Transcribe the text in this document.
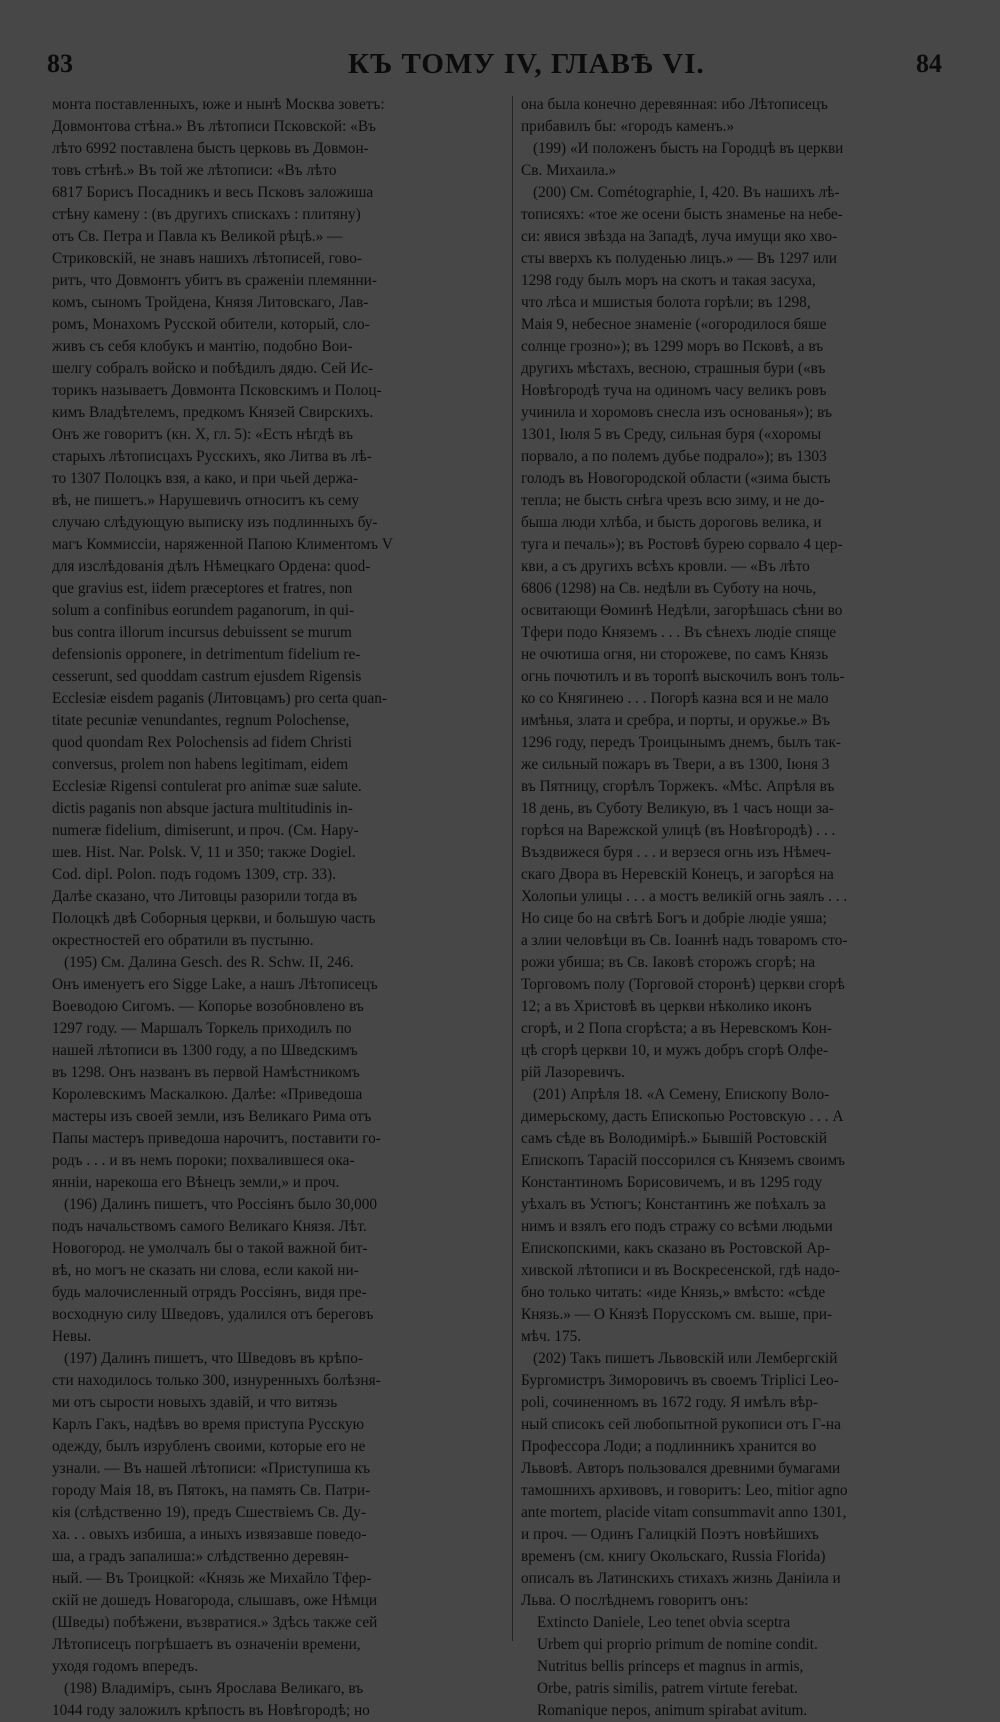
83	КЪ ТОМУ IV, ГЛАВѢ VI.	84
монта поставленныхъ, юже и нынѣ Москва зоветъ:
Довмонтова стѣна.» Въ лѣтописи Псковской: «Въ
лѣто 6992 поставлена бысть церковь въ Довмон-
товъ стѣнѣ.» Въ той же лѣтописи: «Въ лѣто
6817 Борисъ Посадникъ и весь Псковъ заложиша
стѣну камену : (въ другихъ спискахъ : плитяну)
отъ Св. Петра и Павла къ Великой рѣцѣ.» —
Стриковскій, не знавъ нашихъ лѣтописей, гово-
ритъ, что Довмонтъ убитъ въ сраженіи племянни-
комъ, сыномъ Тройдена, Князя Литовскаго, Лав-
ромъ, Монахомъ Русской обители, который, сло-
живъ съ себя клобукъ и мантію, подобно Вои-
шелгу собралъ войско и побѣдилъ дядю. Сей Ис-
торикъ называетъ Довмонта Псковскимъ и Полоц-
кимъ Владѣтелемъ, предкомъ Князей Свирскихъ.
Онъ же говоритъ (кн. X, гл. 5): «Есть нѣгдѣ въ
старыхъ лѣтописцахъ Русскихъ, яко Литва въ лѣ-
то 1307 Полоцкъ взя, а како, и при чьей держа-
вѣ, не пишетъ.» Нарушевичъ относитъ къ сему
случаю слѣдующую выписку изъ подлинныхъ бу-
магъ Коммиссіи, наряженной Папою Климентомъ V
для изслѣдованія дѣлъ Нѣмецкаго Ордена: quod-
que gravius est, iidem præceptores et fratres, non
solum a confinibus eorundem paganorum, in qui-
bus contra illorum incursus debuissent se murum
defensionis opponere, in detrimentum fidelium re-
cesserunt, sed quoddam castrum ejusdem Rigensis
Ecclesiæ eisdem paganis (Литовцамъ) pro certa quan-
titate pecuniæ venundantes, regnum Polochense,
quod quondam Rex Polochensis ad fidem Christi
conversus, prolem non habens legitimam, eidem
Ecclesiæ Rigensi contulerat pro animæ suæ salute.
dictis paganis non absque jactura multitudinis in-
numeræ fidelium, dimiserunt, и проч. (См. Нару-
шев. Hist. Nar. Polsk. V, 11 и 350; также Dogiel.
Cod. dipl. Polon. подъ годомъ 1309, стр. 33).
Далѣе сказано, что Литовцы разорили тогда въ
Полоцкѣ двѣ Соборныя церкви, и большую часть
окрестностей его обратили въ пустыню.
(195) См. Далина Gesch. des R. Schw. II, 246.
Онъ именуетъ его Sigge Lake, а нашъ Лѣтописецъ
Воеводою Сигомъ. — Копорье возобновлено въ
1297 году. — Маршалъ Торкель приходилъ по
нашей лѣтописи въ 1300 году, а по Шведскимъ
въ 1298. Онъ названъ въ первой Намѣстникомъ
Королевскимъ Маскалкою. Далѣе: «Приведоша
мастеры изъ своей земли, изъ Великаго Рима отъ
Папы мастеръ приведоша нарочитъ, поставити го-
родъ . . . и въ немъ пороки; похвалившеся ока-
янніи, нарекоша его Вѣнецъ земли,» и проч.
(196) Далинъ пишетъ, что Россіянъ было 30,000
подъ начальствомъ самого Великаго Князя. Лѣт.
Новогород. не умолчалъ бы о такой важной бит-
вѣ, но могъ не сказать ни слова, если какой ни-
будь малочисленный отрядъ Россіянъ, видя пре-
восходную силу Шведовъ, удалился отъ береговъ
Невы.
(197) Далинъ пишетъ, что Шведовъ въ крѣпо-
сти находилось только 300, изнуренныхъ болѣзня-
ми отъ сырости новыхъ здавій, и что витязь
Карлъ Гакъ, надѣвъ во время приступа Русскую
одежду, былъ изрубленъ своими, которые его не
узнали. — Въ нашей лѣтописи: «Приступиша къ
городу Маія 18, въ Пятокъ, на память Св. Патри-
кія (слѣдственно 19), предъ Сшествіемъ Св. Ду-
ха. . . овыхъ избиша, а иныхъ извязавше поведо-
ша, а градъ запалиша:» слѣдственно деревян-
ный. — Въ Троицкой: «Князь же Михайло Тфер-
скій не дошедъ Новагорода, слышавъ, оже Нѣмци
(Шведы) побѣжени, възвратися.» Здѣсь также сей
Лѣтописецъ погрѣшаетъ въ означеніи времени,
уходя годомъ впередъ.
(198) Владиміръ, сынъ Ярослава Великаго, въ
1044 году заложилъ крѣпость въ Новѣгородѣ; но
она была конечно деревянная: ибо Лѣтописецъ
прибавилъ бы: «городъ каменъ.»
(199) «И положенъ бысть на Городцѣ въ церкви
Св. Михаила.»
(200) См. Cométographie, I, 420. Въ нашихъ лѣ-
тописяхъ: «тое же осени бысть знаменье на небе-
си: явися звѣзда на Западѣ, луча имущи яко хво-
сты вверхъ къ полуденью лицъ.» — Въ 1297 или
1298 году былъ моръ на скотъ и такая засуха,
что лѣса и мшистыя болота горѣли; въ 1298,
Маія 9, небесное знаменіе («огородилося бяше
солнце грозно»); въ 1299 моръ во Псковѣ, а въ
другихъ мѣстахъ, весною, страшныя бури («въ
Новѣгородѣ туча на одиномъ часу великъ ровъ
учинила и хоромовъ снесла изъ основанья»); въ
1301, Іюля 5 въ Среду, сильная буря («хоромы
порвало, а по полемъ дубье подрало»); въ 1303
голодъ въ Новогородской области («зима бысть
тепла; не бысть снѣга чрезъ всю зиму, и не до-
быша люди хлѣба, и бысть дороговь велика, и
туга и печаль»); въ Ростовѣ бурею сорвало 4 цер-
кви, а съ другихъ всѣхъ кровли. — «Въ лѣто
6806 (1298) на Св. недѣли въ Суботу на ночь,
освитающи Ѳоминѣ Недѣли, загорѣшась сѣни во
Тфери подо Княземъ . . . Въ сѣнехъ людіе спяще
не очютиша огня, ни сторожеве, по самъ Князь
огнь почютилъ и въ торопѣ выскочилъ вонъ толь-
ко со Княгинею . . . Погорѣ казна вся и не мало
имѣнья, злата и сребра, и порты, и оружье.» Въ
1296 году, передъ Троицынымъ днемъ, былъ так-
же сильный пожаръ въ Твери, а въ 1300, Іюня 3
въ Пятницу, сгорѣлъ Торжекъ. «Мѣс. Апрѣля въ
18 день, въ Суботу Великую, въ 1 часъ нощи за-
горѣся на Варежской улицѣ (въ Новѣгородѣ) . . .
Въздвижеся буря . . . и верзеся огнь изъ Нѣмеч-
скаго Двора въ Неревскій Конецъ, и загорѣся на
Холопьи улицы . . . а мостъ великій огнь заялъ . . .
Но сице бо на свѣтѣ Богъ и добріе людіе уяша;
а злии человѣци въ Св. Іоаннѣ надъ товаромъ сто-
рожи убиша; въ Св. Іаковѣ сторожъ сгорѣ; на
Торговомъ полу (Торговой сторонѣ) церкви сгорѣ
12; а въ Христовѣ въ церкви нѣколико иконъ
сгорѣ, и 2 Попа сгорѣста; а въ Неревскомъ Кон-
цѣ сгорѣ церкви 10, и мужъ добръ сгорѣ Олфе-
рій Лазоревичъ.
(201) Апрѣля 18. «А Семену, Епископу Воло-
димерьскому, дасть Епископью Ростовскую . . . А
самъ сѣде въ Володимірѣ.» Бывшій Ростовскій
Епископъ Тарасій поссорился съ Княземъ своимъ
Константиномъ Борисовичемъ, и въ 1295 году
уѣхалъ въ Устюгъ; Константинъ же поѣхалъ за
нимъ и взялъ его подъ стражу со всѣми людьми
Епископскими, какъ сказано въ Ростовской Ар-
хивской лѣтописи и въ Воскресенской, гдѣ надо-
бно только читать: «иде Князь,» вмѣсто: «сѣде
Князь.» — О Князѣ Порусскомъ см. выше, при-
мѣч. 175.
(202) Такъ пишетъ Львовскій или Лембергскій
Бургомистръ Зиморовичъ въ своемъ Triplici Leo-
poli, сочиненномъ въ 1672 году. Я имѣлъ вѣр-
ный списокъ сей любопытной рукописи отъ Г-на
Профессора Лоди; а подлинникъ хранится во
Львовѣ. Авторъ пользовался древними бумагами
тамошнихъ архивовъ, и говоритъ: Leo, mitior agno
ante mortem, placide vitam consummavit anno 1301,
и проч. — Одинъ Галицкій Поэтъ новѣйшихъ
временъ (см. книгу Окольскаго, Russia Florida)
описалъ въ Латинскихъ стихахъ жизнь Даніила и
Льва. О послѣднемъ говоритъ онъ:
Extincto Daniele, Leo tenet obvia sceptra
Urbem qui proprio primum de nomine condit.
Nutritus bellis princeps et magnus in armis,
Orbe, patris similis, patrem virtute ferebat.
Romanique nepos, animum spirabat avitum.
